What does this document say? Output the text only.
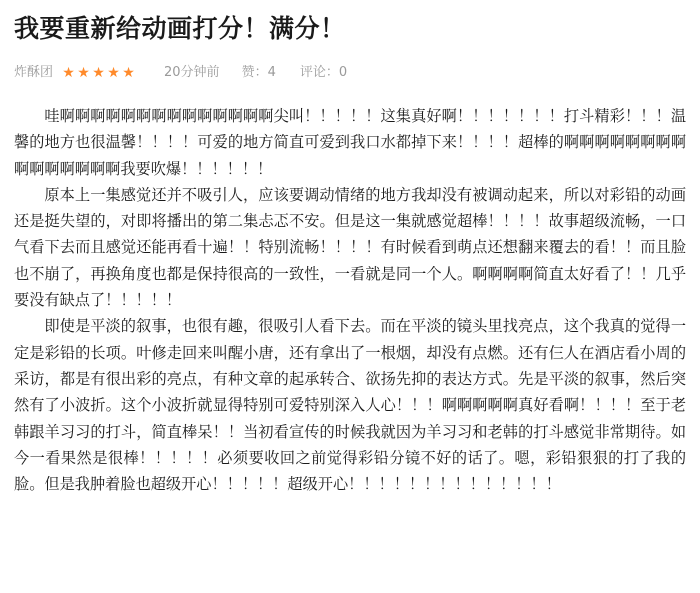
我要重新给动画打分！满分！
炸酥团 ★ ★ ★ ★ ★ 20分钟前 赞：4 评论：0

哇啊啊啊啊啊啊啊啊啊啊啊啊啊啊尖叫！！！！！这集真好啊！！！！！！！打斗精彩！！！温馨的地方也很温馨！！！！可爱的地方简直可爱到我口水都掉下来！！！！超棒的啊啊啊啊啊啊啊啊啊啊啊啊啊啊啊我要吹爆！！！！！！

原本上一集感觉还并不吸引人，应该要调动情绪的地方我却没有被调动起来，所以对彩铅的动画还是挺失望的，对即将播出的第二集忐忑不安。但是这一集就感觉超棒！！！！故事超级流畅，一口气看下去而且感觉还能再看十遍！！特别流畅！！！！有时候看到萌点还想翻来覆去的看！！而且脸也不崩了，再换角度也都是保持很高的一致性，一看就是同一个人。啊啊啊啊简直太好看了！！几乎要没有缺点了！！！！！

即使是平淡的叙事，也很有趣，很吸引人看下去。而在平淡的镜头里找亮点，这个我真的觉得一定是彩铅的长项。叶修走回来叫醒小唐，还有拿出了一根烟，却没有点燃。还有仨人在酒店看小周的采访，都是有很出彩的亮点，有种文章的起承转合、欲扬先抑的表达方式。先是平淡的叙事，然后突然有了小波折。这个小波折就显得特别可爱特别深入人心！！！啊啊啊啊啊真好看啊！！！！至于老韩跟羊习习的打斗，简直棒呆！！当初看宣传的时候我就因为羊习习和老韩的打斗感觉非常期待。如今一看果然是很棒！！！！！必须要收回之前觉得彩铅分镜不好的话了。嗯，彩铅狠狠的打了我的脸。但是我肿着脸也超级开心！！！！！超级开心！！！！！！！！！！！！！！
